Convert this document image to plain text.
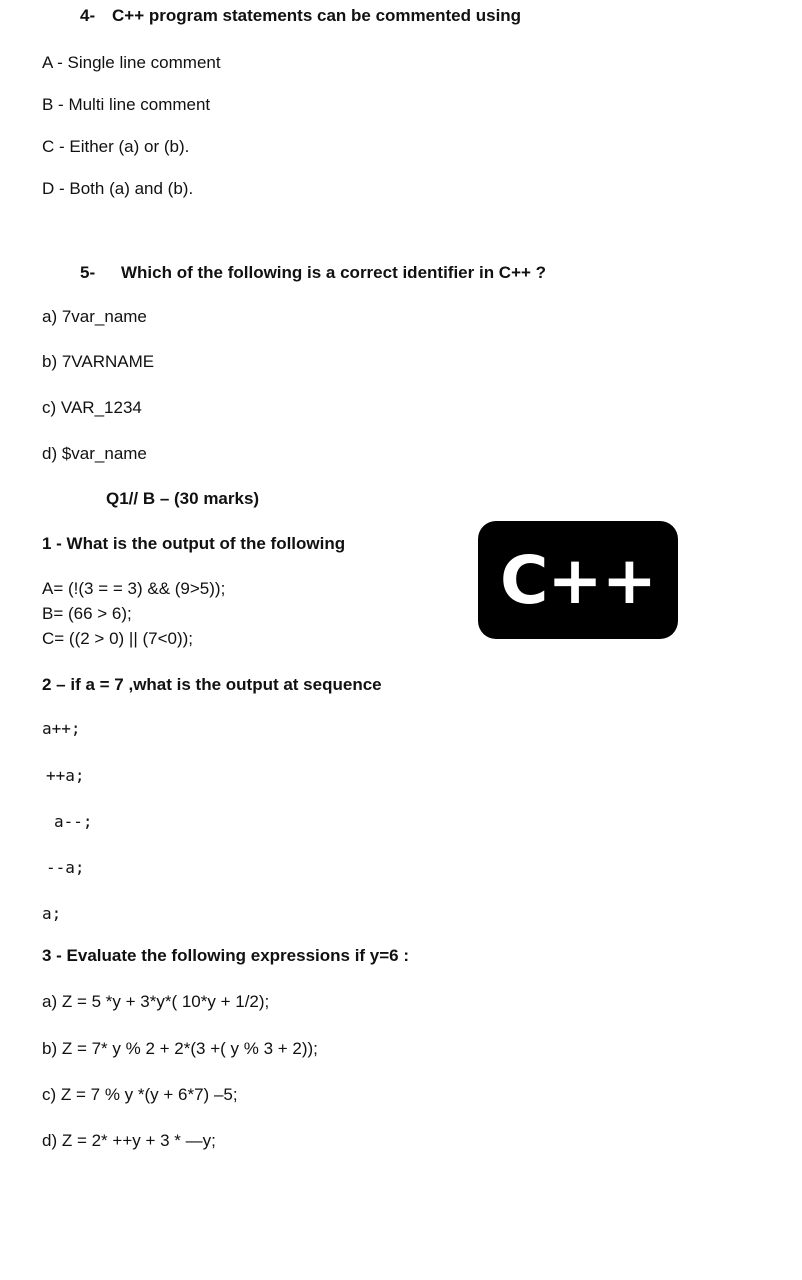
4- C++ program statements can be commented using
A - Single line comment
B - Multi line comment
C - Either (a) or (b).
D - Both (a) and (b).
5- Which of the following is a correct identifier in C++ ?
a) 7var_name
b) 7VARNAME
c) VAR_1234
d) $var_name
Q1// B – (30 marks)
1 - What is the output of the following
A= (!(3 = = 3) && (9>5));
B= (66 > 6);
C= ((2 > 0) || (7<0));
C++
2 – if a = 7 ,what is the output at sequence
a++;
++a;
a--;
--a;
a;
3 - Evaluate the following expressions if y=6 :
a) Z = 5 *y + 3*y*( 10*y + 1/2);
b) Z = 7* y % 2 + 2*(3 +( y % 3 + 2));
c) Z = 7 % y *(y + 6*7) –5;
d) Z = 2* ++y + 3 * —y;
